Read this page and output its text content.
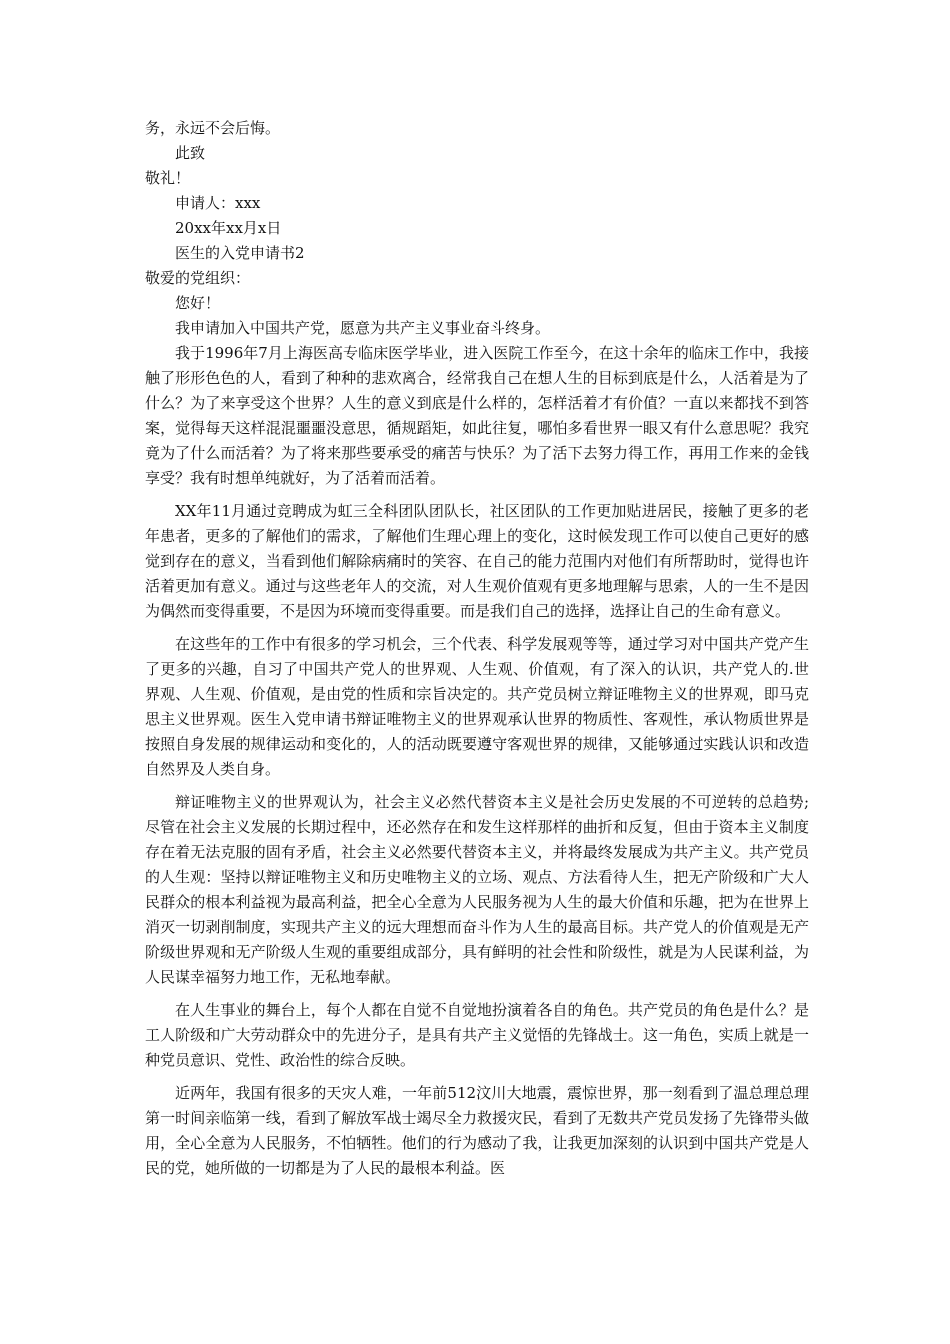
务，永远不会后悔。

此致

敬礼！

申请人：xxx

20xx年xx月x日

医生的入党申请书2

敬爱的党组织：

您好！

我申请加入中国共产党，愿意为共产主义事业奋斗终身。

我于1996年7月上海医高专临床医学毕业，进入医院工作至今，在这十余年的临床工作中，我接触了形形色色的人，看到了种种的悲欢离合，经常我自己在想人生的目标到底是什么，人活着是为了什么？为了来享受这个世界？人生的意义到底是什么样的，怎样活着才有价值？一直以来都找不到答案，觉得每天这样混混噩噩没意思，循规蹈矩，如此往复，哪怕多看世界一眼又有什么意思呢？我究竟为了什么而活着？为了将来那些要承受的痛苦与快乐？为了活下去努力得工作，再用工作来的金钱享受？我有时想单纯就好，为了活着而活着。

XX年11月通过竞聘成为虹三全科团队团队长，社区团队的工作更加贴进居民，接触了更多的老年患者，更多的了解他们的需求，了解他们生理心理上的变化，这时候发现工作可以使自己更好的感觉到存在的意义，当看到他们解除病痛时的笑容、在自己的能力范围内对他们有所帮助时，觉得也许活着更加有意义。通过与这些老年人的交流，对人生观价值观有更多地理解与思索，人的一生不是因为偶然而变得重要，不是因为环境而变得重要。而是我们自己的选择，选择让自己的生命有意义。

在这些年的工作中有很多的学习机会，三个代表、科学发展观等等，通过学习对中国共产党产生了更多的兴趣，自习了中国共产党人的世界观、人生观、价值观，有了深入的认识，共产党人的.世界观、人生观、价值观，是由党的性质和宗旨决定的。共产党员树立辩证唯物主义的世界观，即马克思主义世界观。医生入党申请书辩证唯物主义的世界观承认世界的物质性、客观性，承认物质世界是按照自身发展的规律运动和变化的，人的活动既要遵守客观世界的规律，又能够通过实践认识和改造自然界及人类自身。

辩证唯物主义的世界观认为，社会主义必然代替资本主义是社会历史发展的不可逆转的总趋势;尽管在社会主义发展的长期过程中，还必然存在和发生这样那样的曲折和反复，但由于资本主义制度存在着无法克服的固有矛盾，社会主义必然要代替资本主义，并将最终发展成为共产主义。共产党员的人生观：坚持以辩证唯物主义和历史唯物主义的立场、观点、方法看待人生，把无产阶级和广大人民群众的根本利益视为最高利益，把全心全意为人民服务视为人生的最大价值和乐趣，把为在世界上消灭一切剥削制度，实现共产主义的远大理想而奋斗作为人生的最高目标。共产党人的价值观是无产阶级世界观和无产阶级人生观的重要组成部分，具有鲜明的社会性和阶级性，就是为人民谋利益，为人民谋幸福努力地工作，无私地奉献。

在人生事业的舞台上，每个人都在自觉不自觉地扮演着各自的角色。共产党员的角色是什么？是工人阶级和广大劳动群众中的先进分子，是具有共产主义觉悟的先锋战士。这一角色，实质上就是一种党员意识、党性、政治性的综合反映。

近两年，我国有很多的天灾人难，一年前512汶川大地震，震惊世界，那一刻看到了温总理总理第一时间亲临第一线，看到了解放军战士竭尽全力救援灾民，看到了无数共产党员发扬了先锋带头做用，全心全意为人民服务，不怕牺牲。他们的行为感动了我，让我更加深刻的认识到中国共产党是人民的党，她所做的一切都是为了人民的最根本利益。医
